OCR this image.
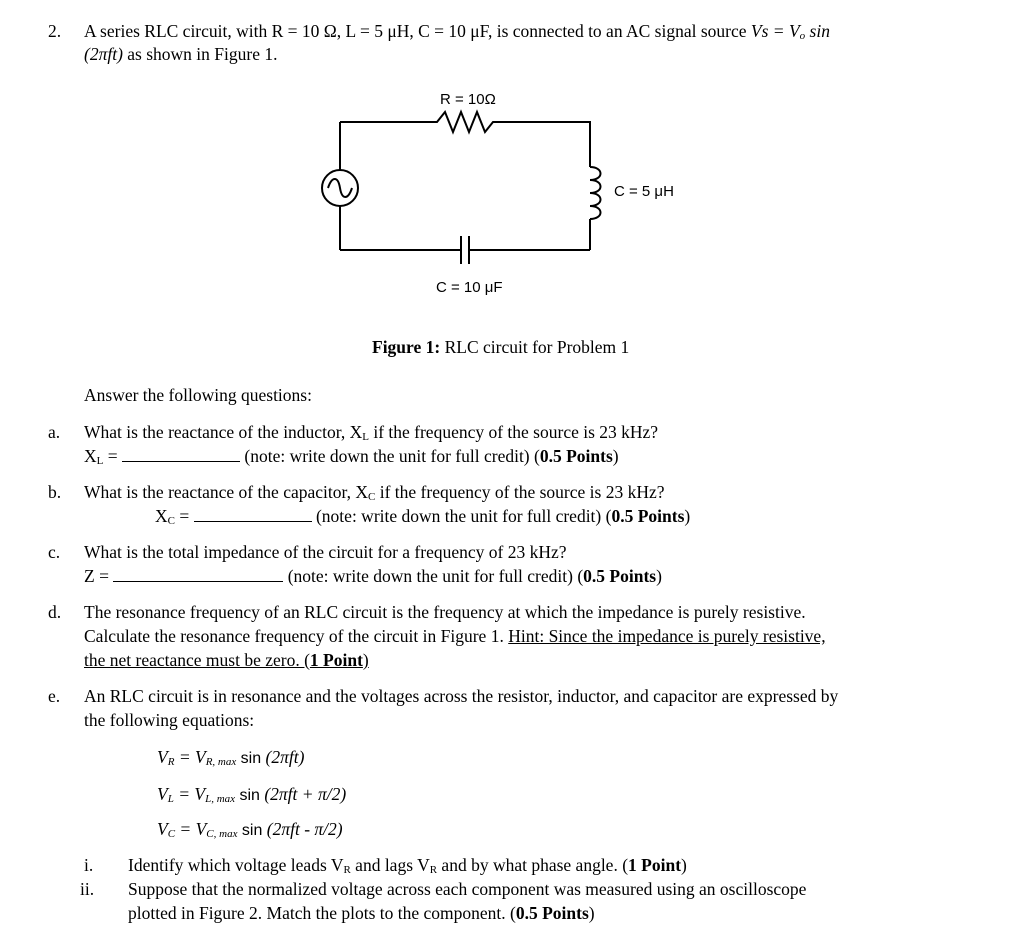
2. A series RLC circuit, with R = 10 Ω, L = 5 μH, C = 10 μF, is connected to an AC signal source $Vs = V_o$ sin
(2πft) as shown in Figure 1.
R = 10Ω
C = 5 μH
C = 10 μF
Figure 1: RLC circuit for Problem 1
Answer the following questions:
a. What is the reactance of the inductor, $X_L$ if the frequency of the source is 23 kHz?
$X_L$ =	(note: write down the unit for full credit) (0.5 Points)
b. What is the reactance of the capacitor, $X_C$ if the frequency of the source is 23 kHz?
$X_C$ =	(note: write down the unit for full credit) (0.5 Points)
c. What is the total impedance of the circuit for a frequency of 23 kHz?
Z =	(note: write down the unit for full credit) (0.5 Points)
d. The resonance frequency of an RLC circuit is the frequency at which the impedance is purely resistive.
Calculate the resonance frequency of the circuit in Figure 1. Hint: Since the impedance is purely resistive,
the net reactance must be zero. (1 Point)
e. An RLC circuit is in resonance and the voltages across the resistor, inductor, and capacitor are expressed by
the following equations:
$V_R = V_{R, max}$ sin (2πft)
$V_L = V_{L, max}$ sin (2πft + π/2)
$V_C = V_{C, max}$ sin (2πft - π/2)
i. Identify which voltage leads $V_R$ and lags $V_R$ and by what phase angle. (1 Point)
ii. Suppose that the normalized voltage across each component was measured using an oscilloscope
plotted in Figure 2. Match the plots to the component. (0.5 Points)
